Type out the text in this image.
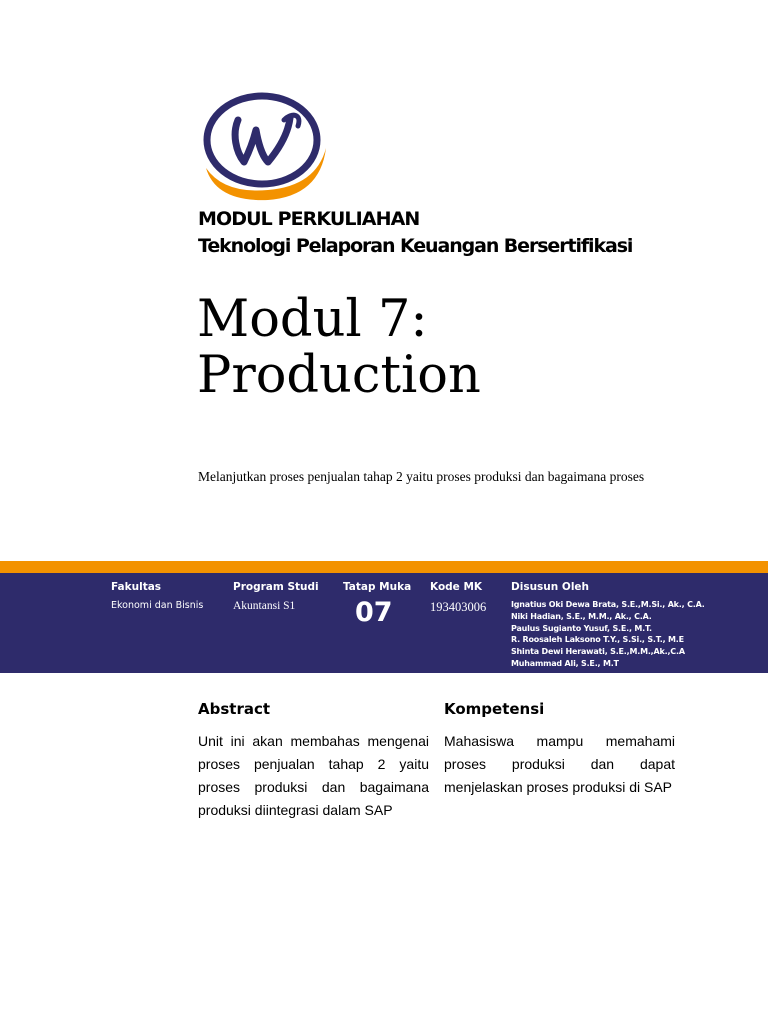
MODUL PERKULIAHAN
Teknologi Pelaporan Keuangan Bersertifikasi
Modul 7:
Production
Melanjutkan proses penjualan tahap 2 yaitu proses produksi dan bagaimana proses
Fakultas
Ekonomi dan Bisnis
Program Studi
Akuntansi S1
Tatap Muka
07
Kode MK
193403006
Disusun Oleh
Ignatius Oki Dewa Brata, S.E.,M.Si., Ak., C.A.
Niki Hadian, S.E., M.M., Ak., C.A.
Paulus Sugianto Yusuf, S.E., M.T.
R. Roosaleh Laksono T.Y., S.Si., S.T., M.E
Shinta Dewi Herawati, S.E.,M.M.,Ak.,C.A
Muhammad Ali, S.E., M.T
Abstract
Unit ini akan membahas mengenai proses penjualan tahap 2 yaitu proses produksi dan bagaimana produksi diintegrasi dalam SAP
Kompetensi
Mahasiswa mampu memahami proses produksi dan dapat menjelaskan proses produksi di SAP
